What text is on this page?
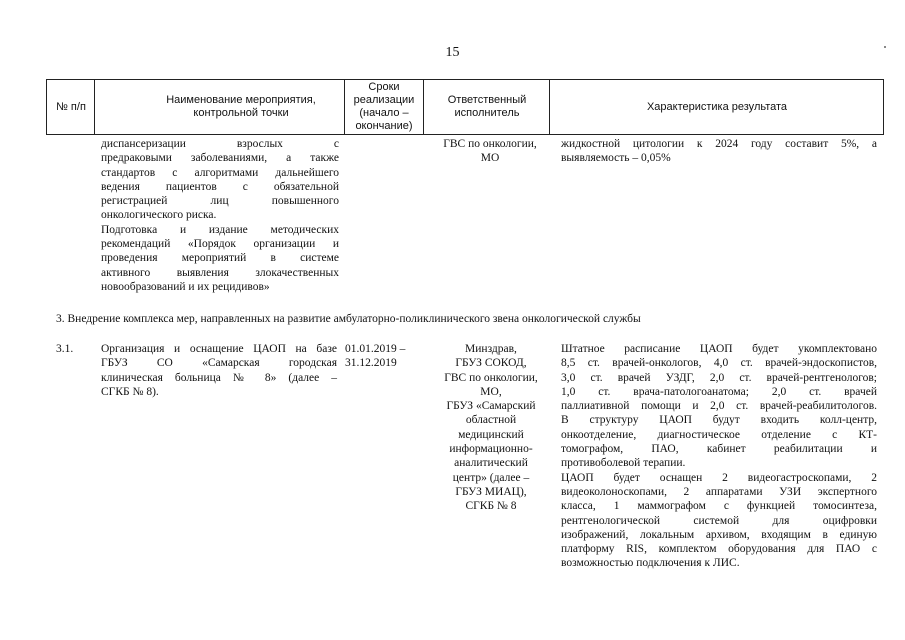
15
№ п/п
Наименование мероприятия, контрольной точки
Сроки реализации (начало – окончание)
Ответственный исполнитель
Характеристика результата
диспансеризации взрослых с
предраковыми заболеваниями, а также
стандартов с алгоритмами дальнейшего
ведения пациентов с обязательной
регистрацией лиц повышенного
онкологического риска.
Подготовка и издание методических
рекомендаций «Порядок организации и
проведения мероприятий в системе
активного выявления злокачественных
новообразований и их рецидивов»
ГВС по онкологии,
МО
жидкостной цитологии к 2024 году составит 5%, а
выявляемость – 0,05%
3. Внедрение комплекса мер, направленных на развитие амбулаторно-поликлинического звена онкологической службы
3.1.	Организация и оснащение ЦАОП на базе
ГБУЗ СО «Самарская городская
клиническая больница № 8» (далее –
СГКБ № 8).
01.01.2019 –
31.12.2019
Минздрав,
ГБУЗ СОКОД,
ГВС по онкологии,
МО,
ГБУЗ «Самарский
областной
медицинский
информационно-
аналитический
центр» (далее –
ГБУЗ МИАЦ),
СГКБ № 8
Штатное расписание ЦАОП будет укомплектовано
8,5 ст. врачей-онкологов, 4,0 ст. врачей-эндоскопистов,
3,0 ст. врачей УЗДГ, 2,0 ст. врачей-рентгенологов;
1,0 ст. врача-патологоанатома; 2,0 ст. врачей
паллиативной помощи и 2,0 ст. врачей-реабилитологов.
В структуру ЦАОП будут входить колл-центр,
онкоотделение, диагностическое отделение с КТ-
томографом, ПАО, кабинет реабилитации и
противоболевой терапии.
ЦАОП будет оснащен 2 видеогастроскопами, 2
видеоколоноскопами, 2 аппаратами УЗИ экспертного
класса, 1 маммографом с функцией томосинтеза,
рентгенологической системой для оцифровки
изображений, локальным архивом, входящим в единую
платформу RIS, комплектом оборудования для ПАО с
возможностью подключения к ЛИС.
